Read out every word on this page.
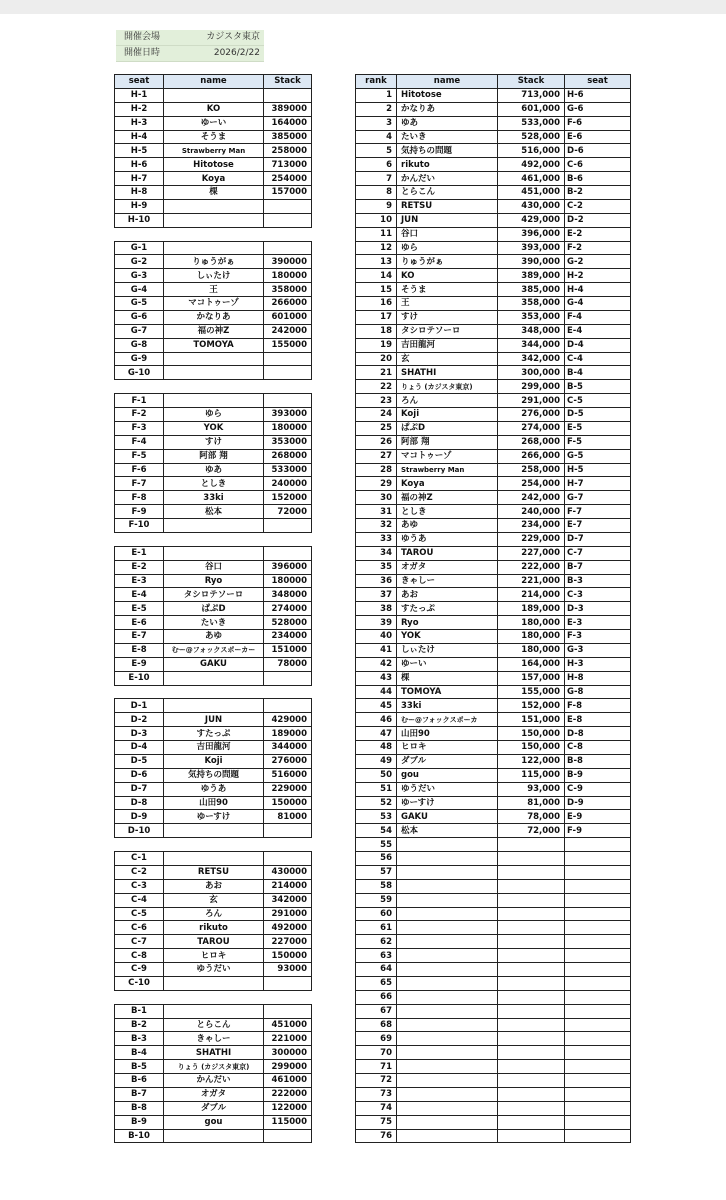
開催会場	カジスタ東京
開催日時	2026/2/22
seat	name	Stack
H-1		
H-2	KO	389000
H-3	ゆーい	164000
H-4	そうま	385000
H-5	Strawberry Man	258000
H-6	Hitotose	713000
H-7	Koya	254000
H-8	棵	157000
H-9		
H-10		

G-1		
G-2	りゅうがぁ	390000
G-3	しぃたけ	180000
G-4	王	358000
G-5	マコトゥーゾ	266000
G-6	かなりあ	601000
G-7	福の神Z	242000
G-8	TOMOYA	155000
G-9		
G-10		

F-1		
F-2	ゆら	393000
F-3	YOK	180000
F-4	すけ	353000
F-5	阿部 翔	268000
F-6	ゆあ	533000
F-7	としき	240000
F-8	33ki	152000
F-9	松本	72000
F-10		

E-1		
E-2	谷口	396000
E-3	Ryo	180000
E-4	タシロテソーロ	348000
E-5	ぱぷD	274000
E-6	たいき	528000
E-7	あゆ	234000
E-8	むー@フォックスポーカー	151000
E-9	GAKU	78000
E-10		

D-1		
D-2	JUN	429000
D-3	すたっぷ	189000
D-4	吉田龍河	344000
D-5	Koji	276000
D-6	気持ちの問題	516000
D-7	ゆうあ	229000
D-8	山田90	150000
D-9	ゆーすけ	81000
D-10		

C-1		
C-2	RETSU	430000
C-3	あお	214000
C-4	玄	342000
C-5	ろん	291000
C-6	rikuto	492000
C-7	TAROU	227000
C-8	ヒロキ	150000
C-9	ゆうだい	93000
C-10		

B-1		
B-2	とらこん	451000
B-3	きゃしー	221000
B-4	SHATHI	300000
B-5	りょう (カジスタ東京)	299000
B-6	かんだい	461000
B-7	オガタ	222000
B-8	ダブル	122000
B-9	gou	115000
B-10		
rank	name	Stack	seat
1	Hitotose	713,000	H-6
2	かなりあ	601,000	G-6
3	ゆあ	533,000	F-6
4	たいき	528,000	E-6
5	気持ちの問題	516,000	D-6
6	rikuto	492,000	C-6
7	かんだい	461,000	B-6
8	とらこん	451,000	B-2
9	RETSU	430,000	C-2
10	JUN	429,000	D-2
11	谷口	396,000	E-2
12	ゆら	393,000	F-2
13	りゅうがぁ	390,000	G-2
14	KO	389,000	H-2
15	そうま	385,000	H-4
16	王	358,000	G-4
17	すけ	353,000	F-4
18	タシロテソーロ	348,000	E-4
19	吉田龍河	344,000	D-4
20	玄	342,000	C-4
21	SHATHI	300,000	B-4
22	りょう (カジスタ東京)	299,000	B-5
23	ろん	291,000	C-5
24	Koji	276,000	D-5
25	ぱぷD	274,000	E-5
26	阿部 翔	268,000	F-5
27	マコトゥーゾ	266,000	G-5
28	Strawberry Man	258,000	H-5
29	Koya	254,000	H-7
30	福の神Z	242,000	G-7
31	としき	240,000	F-7
32	あゆ	234,000	E-7
33	ゆうあ	229,000	D-7
34	TAROU	227,000	C-7
35	オガタ	222,000	B-7
36	きゃしー	221,000	B-3
37	あお	214,000	C-3
38	すたっぷ	189,000	D-3
39	Ryo	180,000	E-3
40	YOK	180,000	F-3
41	しぃたけ	180,000	G-3
42	ゆーい	164,000	H-3
43	棵	157,000	H-8
44	TOMOYA	155,000	G-8
45	33ki	152,000	F-8
46	むー@フォックスポーカ	151,000	E-8
47	山田90	150,000	D-8
48	ヒロキ	150,000	C-8
49	ダブル	122,000	B-8
50	gou	115,000	B-9
51	ゆうだい	93,000	C-9
52	ゆーすけ	81,000	D-9
53	GAKU	78,000	E-9
54	松本	72,000	F-9
55			
56			
57			
58			
59			
60			
61			
62			
63			
64			
65			
66			
67			
68			
69			
70			
71			
72			
73			
74			
75			
76			
